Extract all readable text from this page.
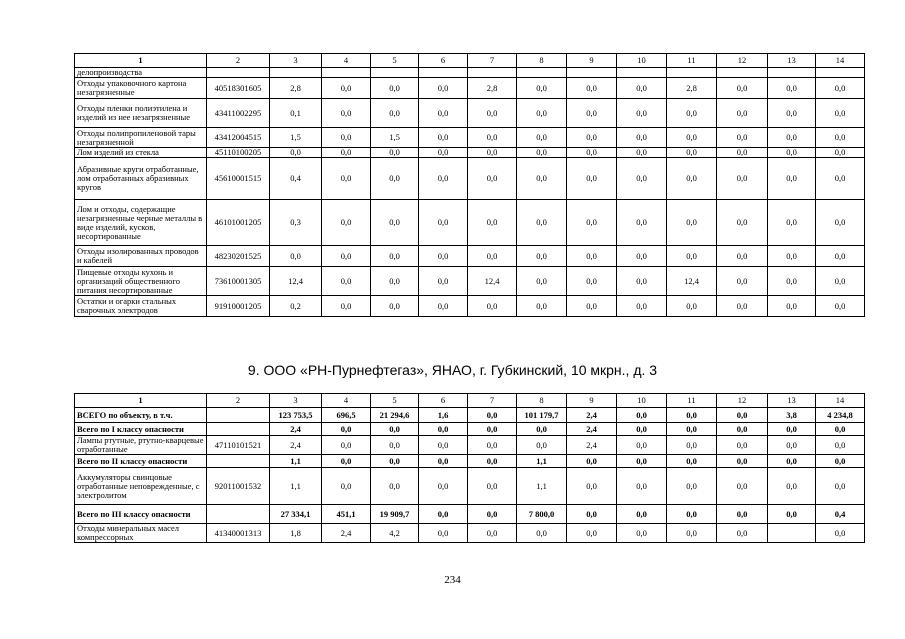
1	2	3	4	5	6	7	8	9	10	11	12	13	14
делопроизводства													
Отходы упаковочного картона незагрязненные	40518301605	2,8	0,0	0,0	0,0	2,8	0,0	0,0	0,0	2,8	0,0	0,0	0,0
Отходы пленки полиэтилена и изделий из нее незагрязненные	43411002295	0,1	0,0	0,0	0,0	0,0	0,0	0,0	0,0	0,0	0,0	0,0	0,0
Отходы полипропиленовой тары незагрязненной	43412004515	1,5	0,0	1,5	0,0	0,0	0,0	0,0	0,0	0,0	0,0	0,0	0,0
Лом изделий из стекла	45110100205	0,0	0,0	0,0	0,0	0,0	0,0	0,0	0,0	0,0	0,0	0,0	0,0
Абразивные круги отработанные, лом отработанных абразивных кругов	45610001515	0,4	0,0	0,0	0,0	0,0	0,0	0,0	0,0	0,0	0,0	0,0	0,0
Лом и отходы, содержащие незагрязненные черные металлы в виде изделий, кусков, несортированные	46101001205	0,3	0,0	0,0	0,0	0,0	0,0	0,0	0,0	0,0	0,0	0,0	0,0
Отходы изолированных проводов и кабелей	48230201525	0,0	0,0	0,0	0,0	0,0	0,0	0,0	0,0	0,0	0,0	0,0	0,0
Пищевые отходы кухонь и организаций общественного питания несортированные	73610001305	12,4	0,0	0,0	0,0	12,4	0,0	0,0	0,0	12,4	0,0	0,0	0,0
Остатки и огарки стальных сварочных электродов	91910001205	0,2	0,0	0,0	0,0	0,0	0,0	0,0	0,0	0,0	0,0	0,0	0,0
9. ООО «РН-Пурнефтегаз», ЯНАО, г. Губкинский, 10 мкрн., д. 3
1	2	3	4	5	6	7	8	9	10	11	12	13	14
ВСЕГО по объекту, в т.ч.		123 753,5	696,5	21 294,6	1,6	0,0	101 179,7	2,4	0,0	0,0	0,0	3,8	4 234,8
Всего по I классу опасности		2,4	0,0	0,0	0,0	0,0	0,0	2,4	0,0	0,0	0,0	0,0	0,0
Лампы ртутные, ртутно-кварцевые отработанные	47110101521	2,4	0,0	0,0	0,0	0,0	0,0	2,4	0,0	0,0	0,0	0,0	0,0
Всего по II классу опасности		1,1	0,0	0,0	0,0	0,0	1,1	0,0	0,0	0,0	0,0	0,0	0,0
Аккумуляторы свинцовые отработанные неповрежденные, с электролитом	92011001532	1,1	0,0	0,0	0,0	0,0	1,1	0,0	0,0	0,0	0,0	0,0	0,0
Всего по III классу опасности		27 334,1	451,1	19 909,7	0,0	0,0	7 800,0	0,0	0,0	0,0	0,0	0,0	0,4
Отходы минеральных масел компрессорных	41340001313	1,8	2,4	4,2	0,0	0,0	0,0	0,0	0,0	0,0	0,0		0,0
234
